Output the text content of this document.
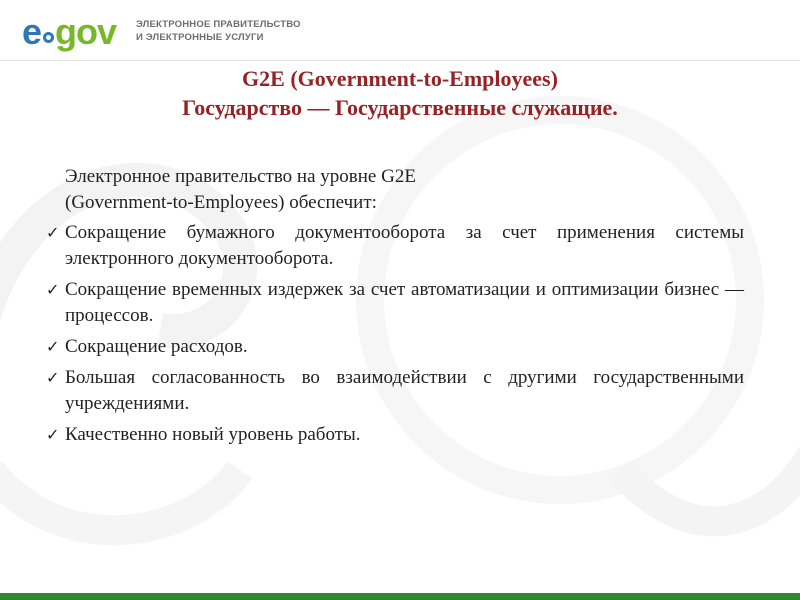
e gov ЭЛЕКТРОННОЕ ПРАВИТЕЛЬСТВО
И ЭЛЕКТРОННЫЕ УСЛУГИ
G2E (Government-to-Employees)
Государство — Государственные служащие.
Электронное правительство на уровне G2E
(Government-to-Employees) обеспечит:
✓ Сокращение бумажного документооборота за счет применения системы электронного документооборота.
✓ Сокращение временных издержек за счет автоматизации и оптимизации бизнес — процессов.
✓ Сокращение расходов.
✓ Большая согласованность во взаимодействии с другими государственными учреждениями.
✓ Качественно новый уровень работы.
